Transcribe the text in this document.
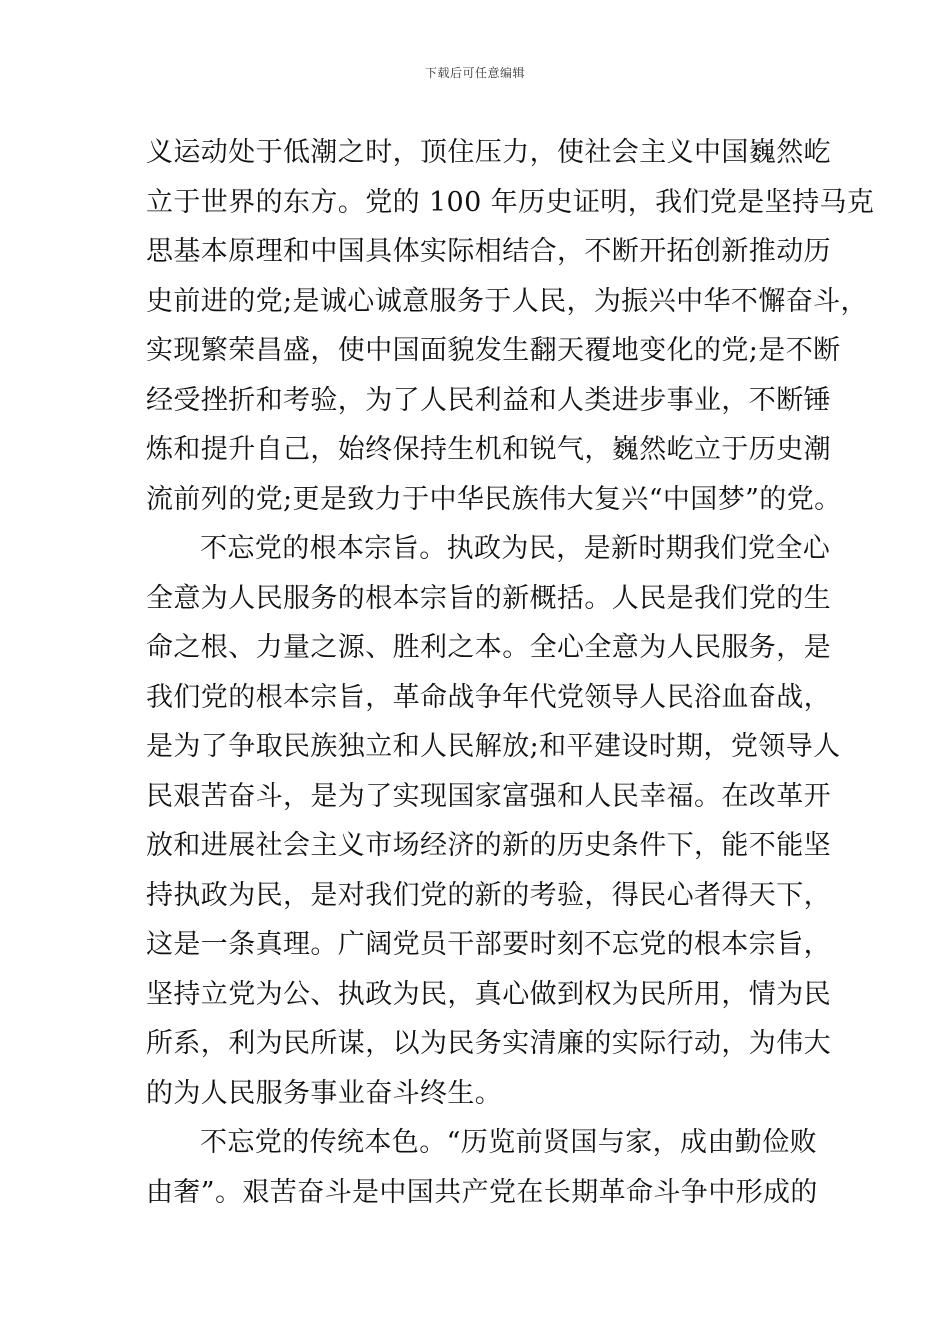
下载后可任意编辑
义运动处于低潮之时，顶住压力，使社会主义中国巍然屹
立于世界的东方。党的 100 年历史证明，我们党是坚持马克
思基本原理和中国具体实际相结合，不断开拓创新推动历
史前进的党;是诚心诚意服务于人民，为振兴中华不懈奋斗，
实现繁荣昌盛，使中国面貌发生翻天覆地变化的党;是不断
经受挫折和考验，为了人民利益和人类进步事业，不断锤
炼和提升自己，始终保持生机和锐气，巍然屹立于历史潮
流前列的党;更是致力于中华民族伟大复兴“中国梦”的党。
不忘党的根本宗旨。执政为民，是新时期我们党全心
全意为人民服务的根本宗旨的新概括。人民是我们党的生
命之根、力量之源、胜利之本。全心全意为人民服务，是
我们党的根本宗旨，革命战争年代党领导人民浴血奋战，
是为了争取民族独立和人民解放;和平建设时期，党领导人
民艰苦奋斗，是为了实现国家富强和人民幸福。在改革开
放和进展社会主义市场经济的新的历史条件下，能不能坚
持执政为民，是对我们党的新的考验，得民心者得天下，
这是一条真理。广阔党员干部要时刻不忘党的根本宗旨，
坚持立党为公、执政为民，真心做到权为民所用，情为民
所系，利为民所谋，以为民务实清廉的实际行动，为伟大
的为人民服务事业奋斗终生。
不忘党的传统本色。“历览前贤国与家，成由勤俭败
由奢”。艰苦奋斗是中国共产党在长期革命斗争中形成的
